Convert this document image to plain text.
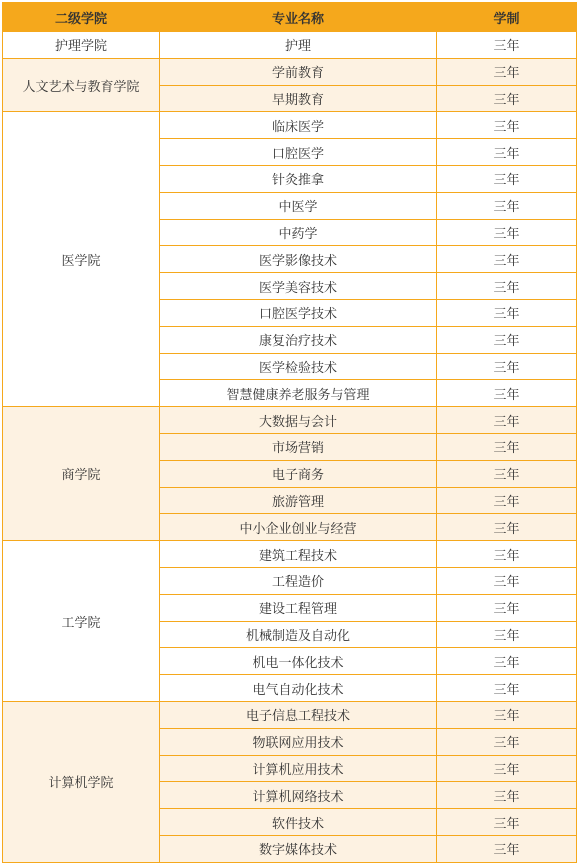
二级学院	专业名称	学制
护理学院	护理	三年
人文艺术与教育学院	学前教育	三年
	早期教育	三年
医学院	临床医学	三年
	口腔医学	三年
	针灸推拿	三年
	中医学	三年
	中药学	三年
	医学影像技术	三年
	医学美容技术	三年
	口腔医学技术	三年
	康复治疗技术	三年
	医学检验技术	三年
	智慧健康养老服务与管理	三年
商学院	大数据与会计	三年
	市场营销	三年
	电子商务	三年
	旅游管理	三年
	中小企业创业与经营	三年
工学院	建筑工程技术	三年
	工程造价	三年
	建设工程管理	三年
	机械制造及自动化	三年
	机电一体化技术	三年
	电气自动化技术	三年
计算机学院	电子信息工程技术	三年
	物联网应用技术	三年
	计算机应用技术	三年
	计算机网络技术	三年
	软件技术	三年
	数字媒体技术	三年
